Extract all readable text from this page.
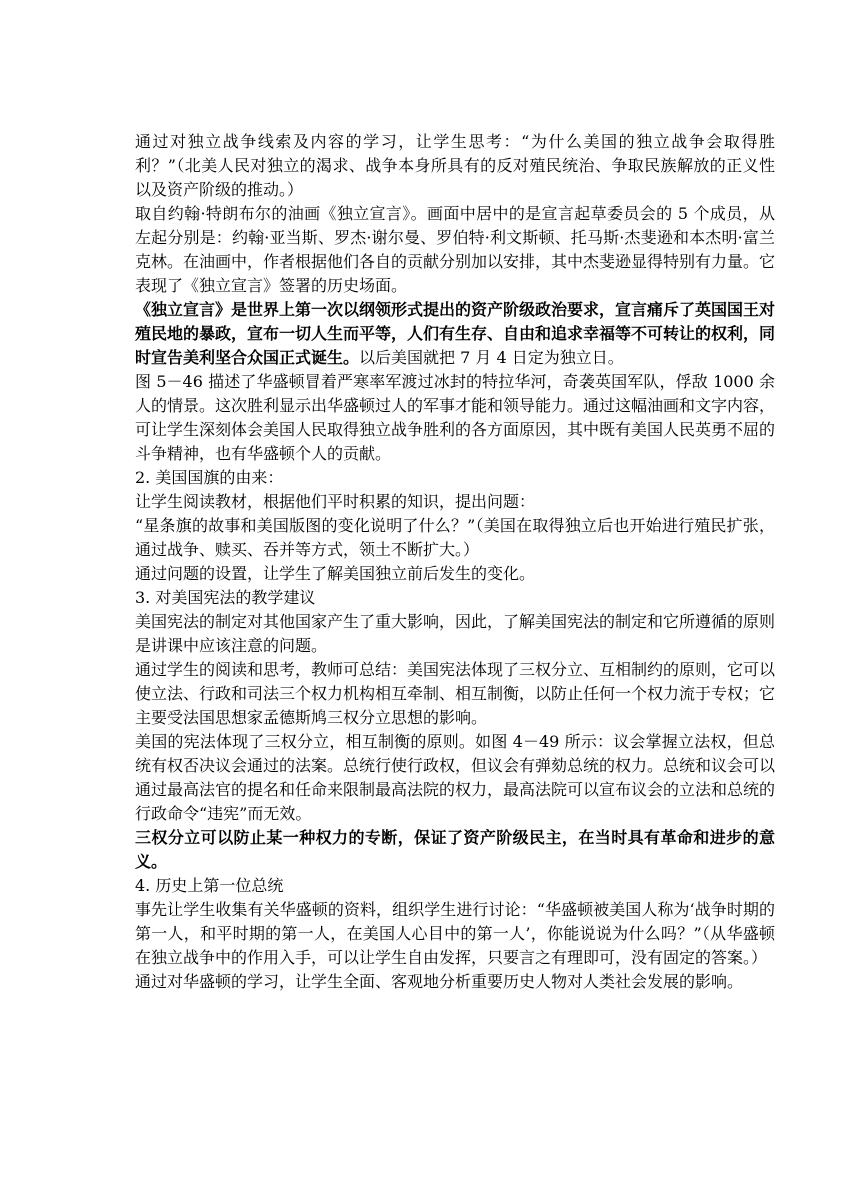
通过对独立战争线索及内容的学习，让学生思考：“为什么美国的独立战争会取得胜利？”（北美人民对独立的渴求、战争本身所具有的反对殖民统治、争取民族解放的正义性以及资产阶级的推动。）

取自约翰·特朗布尔的油画《独立宣言》。画面中居中的是宣言起草委员会的 5 个成员，从左起分别是：约翰·亚当斯、罗杰·谢尔曼、罗伯特·利文斯顿、托马斯·杰斐逊和本杰明·富兰克林。在油画中，作者根据他们各自的贡献分别加以安排，其中杰斐逊显得特别有力量。它表现了《独立宣言》签署的历史场面。

《独立宣言》是世界上第一次以纲领形式提出的资产阶级政治要求，宣言痛斥了英国国王对殖民地的暴政，宣布一切人生而平等，人们有生存、自由和追求幸福等不可转让的权利，同时宣告美利坚合众国正式诞生。以后美国就把 7 月 4 日定为独立日。

图 5－46 描述了华盛顿冒着严寒率军渡过冰封的特拉华河，奇袭英国军队，俘敌 1000 余人的情景。这次胜利显示出华盛顿过人的军事才能和领导能力。通过这幅油画和文字内容，可让学生深刻体会美国人民取得独立战争胜利的各方面原因，其中既有美国人民英勇不屈的斗争精神，也有华盛顿个人的贡献。

2. 美国国旗的由来：

让学生阅读教材，根据他们平时积累的知识，提出问题：

“星条旗的故事和美国版图的变化说明了什么？”（美国在取得独立后也开始进行殖民扩张，通过战争、赎买、吞并等方式，领土不断扩大。）

通过问题的设置，让学生了解美国独立前后发生的变化。

3. 对美国宪法的教学建议

美国宪法的制定对其他国家产生了重大影响，因此，了解美国宪法的制定和它所遵循的原则是讲课中应该注意的问题。

通过学生的阅读和思考，教师可总结：美国宪法体现了三权分立、互相制约的原则，它可以使立法、行政和司法三个权力机构相互牵制、相互制衡，以防止任何一个权力流于专权；它主要受法国思想家孟德斯鸠三权分立思想的影响。

美国的宪法体现了三权分立，相互制衡的原则。如图 4－49 所示：议会掌握立法权，但总统有权否决议会通过的法案。总统行使行政权，但议会有弹劾总统的权力。总统和议会可以通过最高法官的提名和任命来限制最高法院的权力，最高法院可以宣布议会的立法和总统的行政命令“违宪”而无效。

三权分立可以防止某一种权力的专断，保证了资产阶级民主，在当时具有革命和进步的意义。

4. 历史上第一位总统

事先让学生收集有关华盛顿的资料，组织学生进行讨论：“华盛顿被美国人称为‘战争时期的第一人，和平时期的第一人，在美国人心目中的第一人’，你能说说为什么吗？”（从华盛顿在独立战争中的作用入手，可以让学生自由发挥，只要言之有理即可，没有固定的答案。）

通过对华盛顿的学习，让学生全面、客观地分析重要历史人物对人类社会发展的影响。
